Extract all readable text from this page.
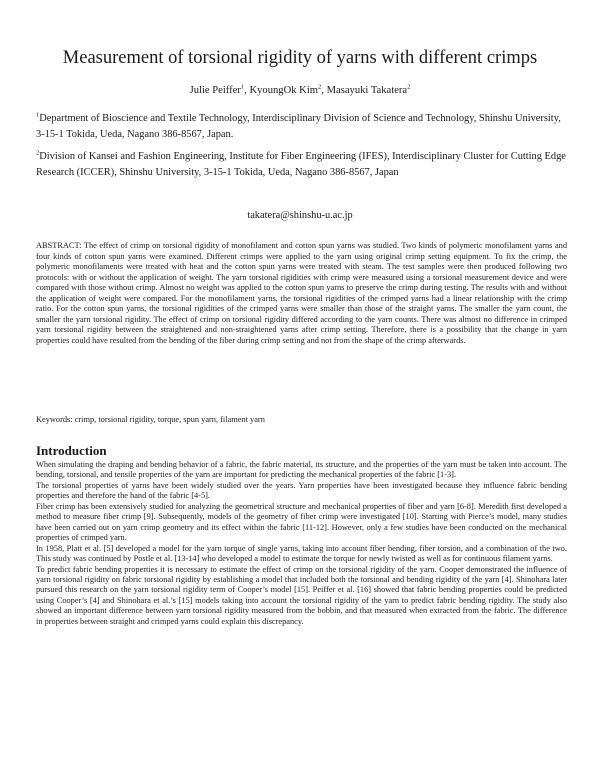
Measurement of torsional rigidity of yarns with different crimps
Julie Peiffer$^1$, KyoungOk Kim$^2$, Masayuki Takatera$^2$
$^1$Department of Bioscience and Textile Technology, Interdisciplinary Division of Science and Technology, Shinshu University, 3-15-1 Tokida, Ueda, Nagano 386-8567, Japan.
$^2$Division of Kansei and Fashion Engineering, Institute for Fiber Engineering (IFES), Interdisciplinary Cluster for Cutting Edge Research (ICCER), Shinshu University, 3-15-1 Tokida, Ueda, Nagano 386-8567, Japan
takatera@shinshu-u.ac.jp
ABSTRACT: The effect of crimp on torsional rigidity of monofilament and cotton spun yarns was studied. Two kinds of polymeric monofilament yarns and four kinds of cotton spun yarns were examined. Different crimps were applied to the yarn using original crimp setting equipment. To fix the crimp, the polymeric monofilaments were treated with heat and the cotton spun yarns were treated with steam. The test samples were then produced following two protocols: with or without the application of weight. The yarn torsional rigidities with crimp were measured using a torsional measurement device and were compared with those without crimp. Almost no weight was applied to the cotton spun yarns to preserve the crimp during testing. The results with and without the application of weight were compared. For the monofilament yarns, the torsional rigidities of the crimped yarns had a linear relationship with the crimp ratio. For the cotton spun yarns, the torsional rigidities of the crimped yarns were smaller than those of the straight yarns. The smaller the yarn count, the smaller the yarn torsional rigidity. The effect of crimp on torsional rigidity differed according to the yarn counts. There was almost no difference in crimped yarn torsional rigidity between the straightened and non-straightened yarns after crimp setting. Therefore, there is a possibility that the change in yarn properties could have resulted from the bending of the fiber during crimp setting and not from the shape of the crimp afterwards.
Keywords: crimp, torsional rigidity, torque, spun yarn, filament yarn
Introduction

When simulating the draping and bending behavior of a fabric, the fabric material, its structure, and the properties of the yarn must be taken into account. The bending, torsional, and tensile properties of the yarn are important for predicting the mechanical properties of the fabric [1-3].

The torsional properties of yarns have been widely studied over the years. Yarn properties have been investigated because they influence fabric bending properties and therefore the hand of the fabric [4-5].

Fiber crimp has been extensively studied for analyzing the geometrical structure and mechanical properties of fiber and yarn [6-8]. Meredith first developed a method to measure fiber crimp [9]. Subsequently, models of the geometry of fiber crimp were investigated [10]. Starting with Pierce’s model, many studies have been carried out on yarn crimp geometry and its effect within the fabric [11-12]. However, only a few studies have been conducted on the mechanical properties of crimped yarn.

In 1958, Platt et al. [5] developed a model for the yarn torque of single yarns, taking into account fiber bending, fiber torsion, and a combination of the two. This study was continued by Postle et al. [13-14] who developed a model to estimate the torque for newly twisted as well as for continuous filament yarns.

To predict fabric bending properties it is necessary to estimate the effect of crimp on the torsional rigidity of the yarn. Cooper demonstrated the influence of yarn torsional rigidity on fabric torsional rigidity by establishing a model that included both the torsional and bending rigidity of the yarn [4]. Shinohara later pursued this research on the yarn torsional rigidity term of Cooper’s model [15]. Peiffer et al. [16] showed that fabric bending properties could be predicted using Cooper’s [4] and Shinohara et al.’s [15] models taking into account the torsional rigidity of the yarn to predict fabric bending rigidity. The study also showed an important difference between yarn torsional rigidity measured from the bobbin, and that measured when extracted from the fabric. The difference in properties between straight and crimped yarns could explain this discrepancy.
